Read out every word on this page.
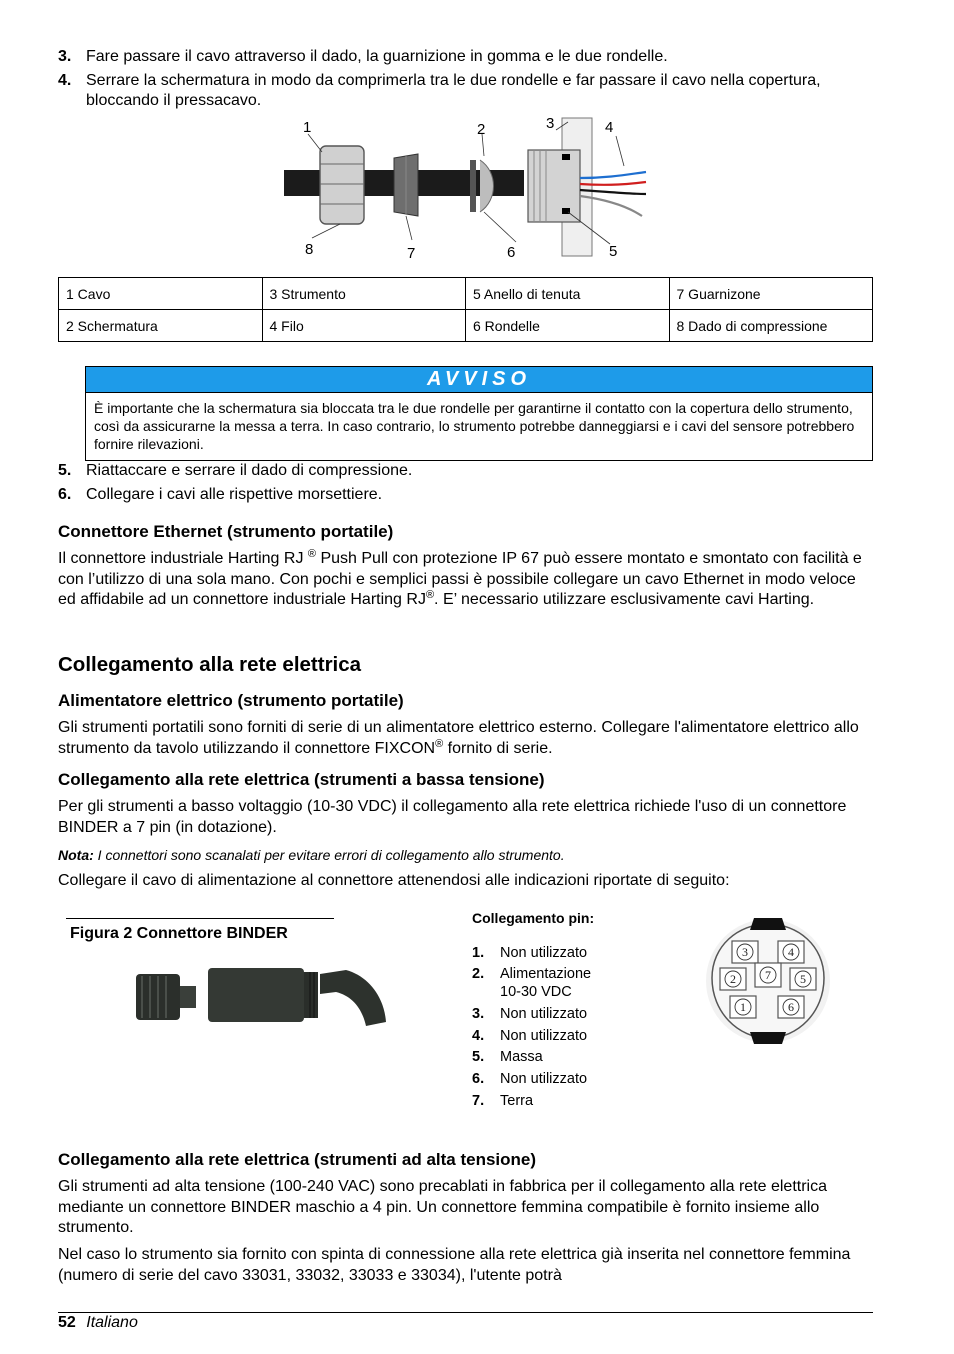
3. Fare passare il cavo attraverso il dado, la guarnizione in gomma e le due rondelle.
4. Serrare la schermatura in modo da comprimerla tra le due rondelle e far passare il cavo nella copertura, bloccando il pressacavo.
1	2	3	4
5
6
7
8
1 Cavo	3 Strumento	5 Anello di tenuta	7 Guarnizone
2 Schermatura	4 Filo	6 Rondelle	8 Dado di compressione
AVVISO
È importante che la schermatura sia bloccata tra le due rondelle per garantirne il contatto con la copertura dello strumento, così da assicurarne la messa a terra. In caso contrario, lo strumento potrebbe danneggiarsi e i cavi del sensore potrebbero fornire rilevazioni.
5. Riattaccare e serrare il dado di compressione.
6. Collegare i cavi alle rispettive morsettiere.
Connettore Ethernet (strumento portatile)
Il connettore industriale Harting RJ ® Push Pull con protezione IP 67 può essere montato e smontato con facilità e con l’utilizzo di una sola mano. Con pochi e semplici passi è possibile collegare un cavo Ethernet in modo veloce ed affidabile ad un connettore industriale Harting RJ®. E’ necessario utilizzare esclusivamente cavi Harting.
Collegamento alla rete elettrica
Alimentatore elettrico (strumento portatile)
Gli strumenti portatili sono forniti di serie di un alimentatore elettrico esterno. Collegare l'alimentatore elettrico allo strumento da tavolo utilizzando il connettore FIXCON® fornito di serie.
Collegamento alla rete elettrica (strumenti a bassa tensione)
Per gli strumenti a basso voltaggio (10-30 VDC) il collegamento alla rete elettrica richiede l'uso di un connettore BINDER a 7 pin (in dotazione).
Nota: I connettori sono scanalati per evitare errori di collegamento allo strumento.
Collegare il cavo di alimentazione al connettore attenendosi alle indicazioni riportate di seguito:
Figura 2 Connettore BINDER
Collegamento pin:
1. Non utilizzato
2. Alimentazione 10-30 VDC
3. Non utilizzato
4. Non utilizzato
5. Massa
6. Non utilizzato
7. Terra
3	4
2 7 5
1	6
Collegamento alla rete elettrica (strumenti ad alta tensione)
Gli strumenti ad alta tensione (100-240 VAC) sono precablati in fabbrica per il collegamento alla rete elettrica mediante un connettore BINDER maschio a 4 pin. Un connettore femmina compatibile è fornito insieme allo strumento.
Nel caso lo strumento sia fornito con spinta di connessione alla rete elettrica già inserita nel connettore femmina (numero di serie del cavo 33031, 33032, 33033 e 33034), l'utente potrà
52 Italiano
